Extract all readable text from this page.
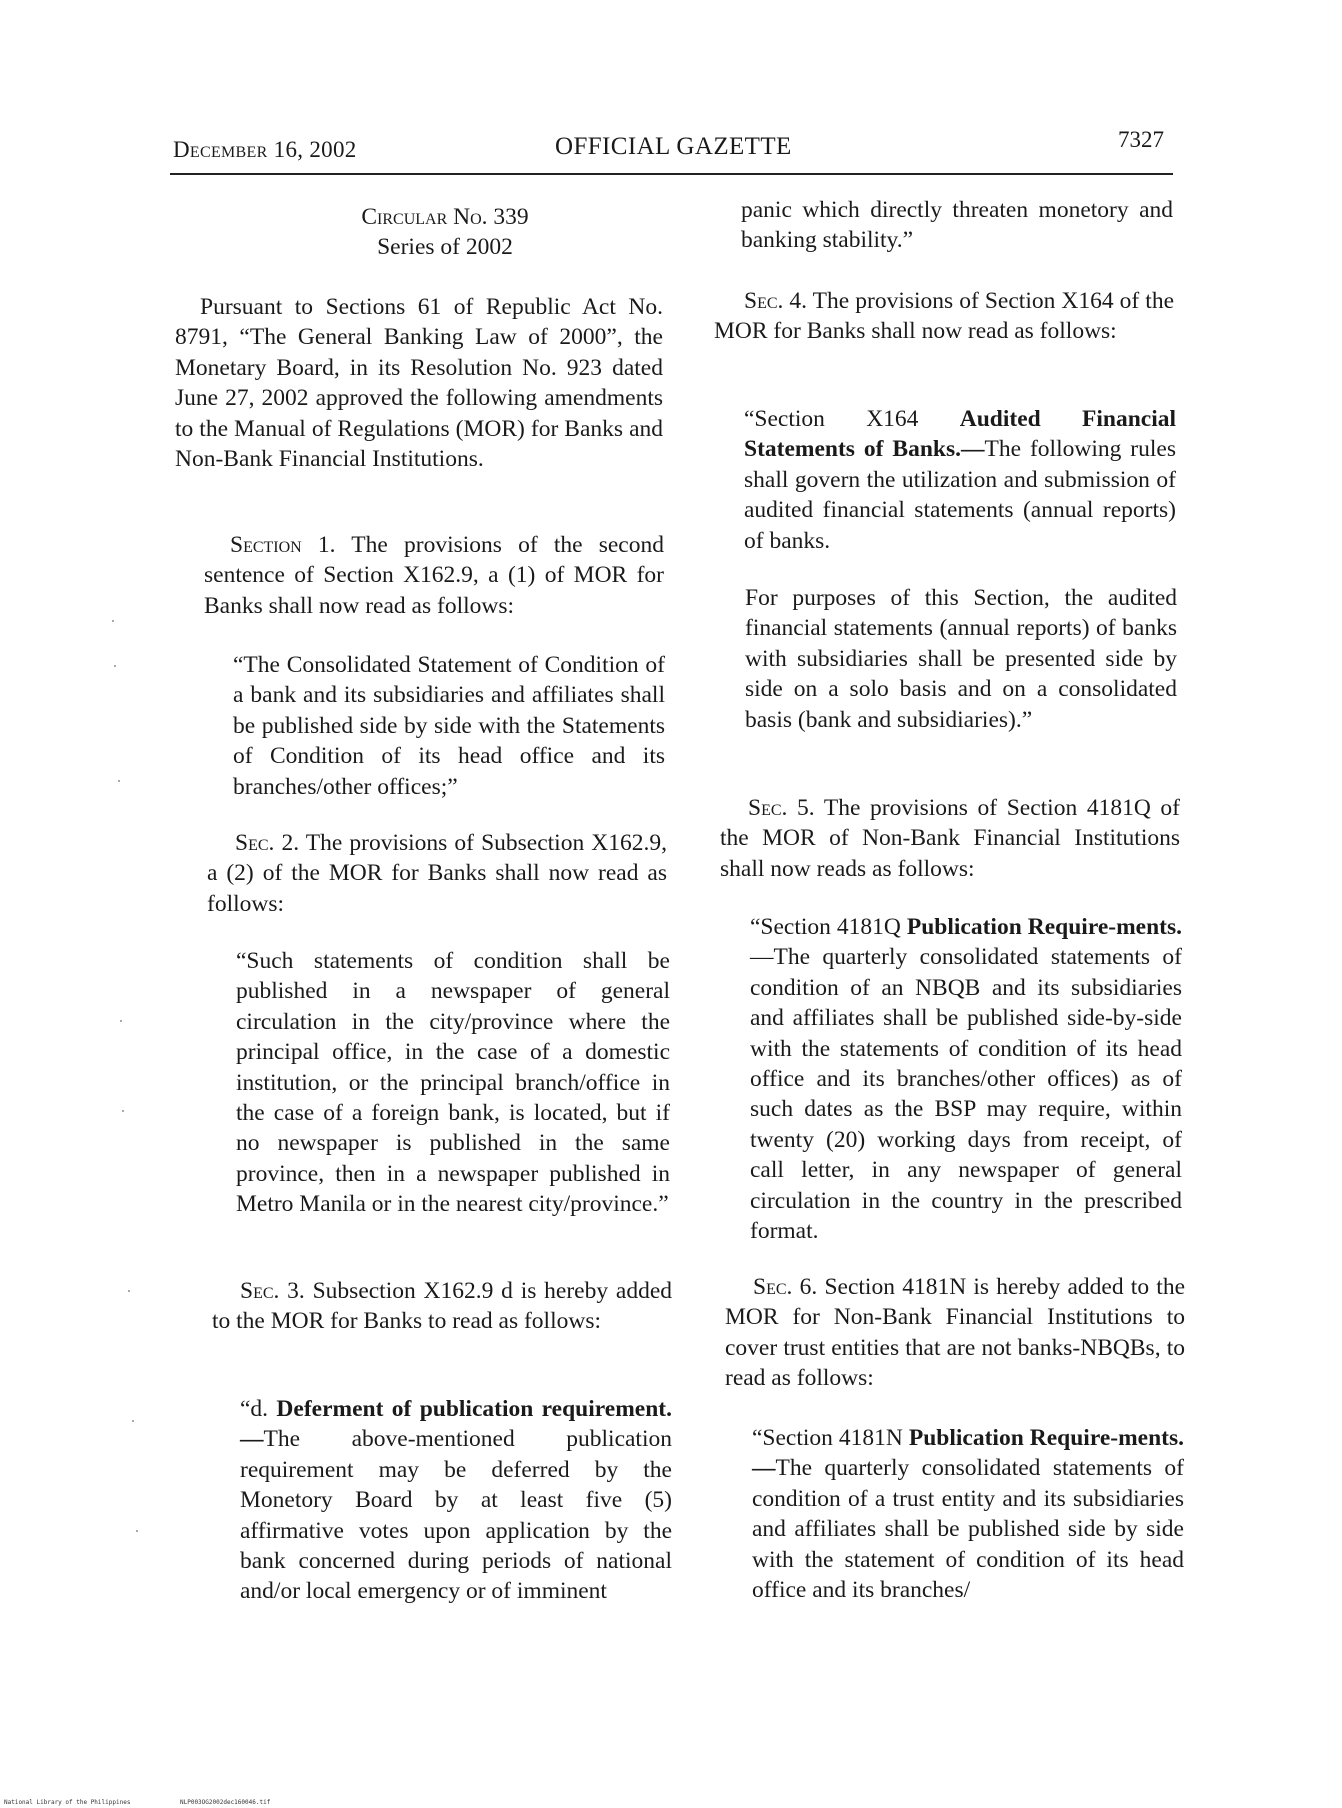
December 16, 2002	OFFICIAL GAZETTE	7327

Circular No. 339

Series of 2002

Pursuant to Sections 61 of Republic Act No. 8791, “The General Banking Law of 2000”, the Monetary Board, in its Resolution No. 923 dated June 27, 2002 approved the following amendments to the Manual of Regulations (MOR) for Banks and Non-Bank Financial Institutions.
Section 1. The provisions of the second sentence of Section X162.9, a (1) of MOR for Banks shall now read as follows:
“The Consolidated Statement of Condition of a bank and its subsidiaries and affiliates shall be published side by side with the Statements of Condition of its head office and its branches/other offices;”
Sec. 2. The provisions of Subsection X162.9, a (2) of the MOR for Banks shall now read as follows:
“Such statements of condition shall be published in a newspaper of general circulation in the city/province where the principal office, in the case of a domestic institution, or the principal branch/office in the case of a foreign bank, is located, but if no newspaper is published in the same province, then in a newspaper published in Metro Manila or in the nearest city/province.”
Sec. 3. Subsection X162.9 d is hereby added to the MOR for Banks to read as follows:
“d. Deferment of publication requirement.—The above-mentioned publication requirement may be deferred by the Monetory Board by at least five (5) affirmative votes upon application by the bank concerned during periods of national and/or local emergency or of imminent
panic which directly threaten monetory and banking stability.”
Sec. 4. The provisions of Section X164 of the MOR for Banks shall now read as follows:
“Section X164 Audited Financial Statements of Banks.—The following rules shall govern the utilization and submission of audited financial statements (annual reports) of banks.
For purposes of this Section, the audited financial statements (annual reports) of banks with subsidiaries shall be presented side by side on a solo basis and on a consolidated basis (bank and subsidiaries).”
Sec. 5. The provisions of Section 4181Q of the MOR of Non-Bank Financial Institutions shall now reads as follows:
“Section 4181Q Publication Require-ments.—The quarterly consolidated statements of condition of an NBQB and its subsidiaries and affiliates shall be published side-by-side with the statements of condition of its head office and its branches/other offices) as of such dates as the BSP may require, within twenty (20) working days from receipt, of call letter, in any newspaper of general circulation in the country in the prescribed format.
Sec. 6. Section 4181N is hereby added to the MOR for Non-Bank Financial Institutions to cover trust entities that are not banks-NBQBs, to read as follows:
“Section 4181N Publication Require-ments.—The quarterly consolidated statements of condition of a trust entity and its subsidiaries and affiliates shall be published side by side with the statement of condition of its head office and its branches/
National Library of the Philippines	NLP003OG2002dec160046.tif
